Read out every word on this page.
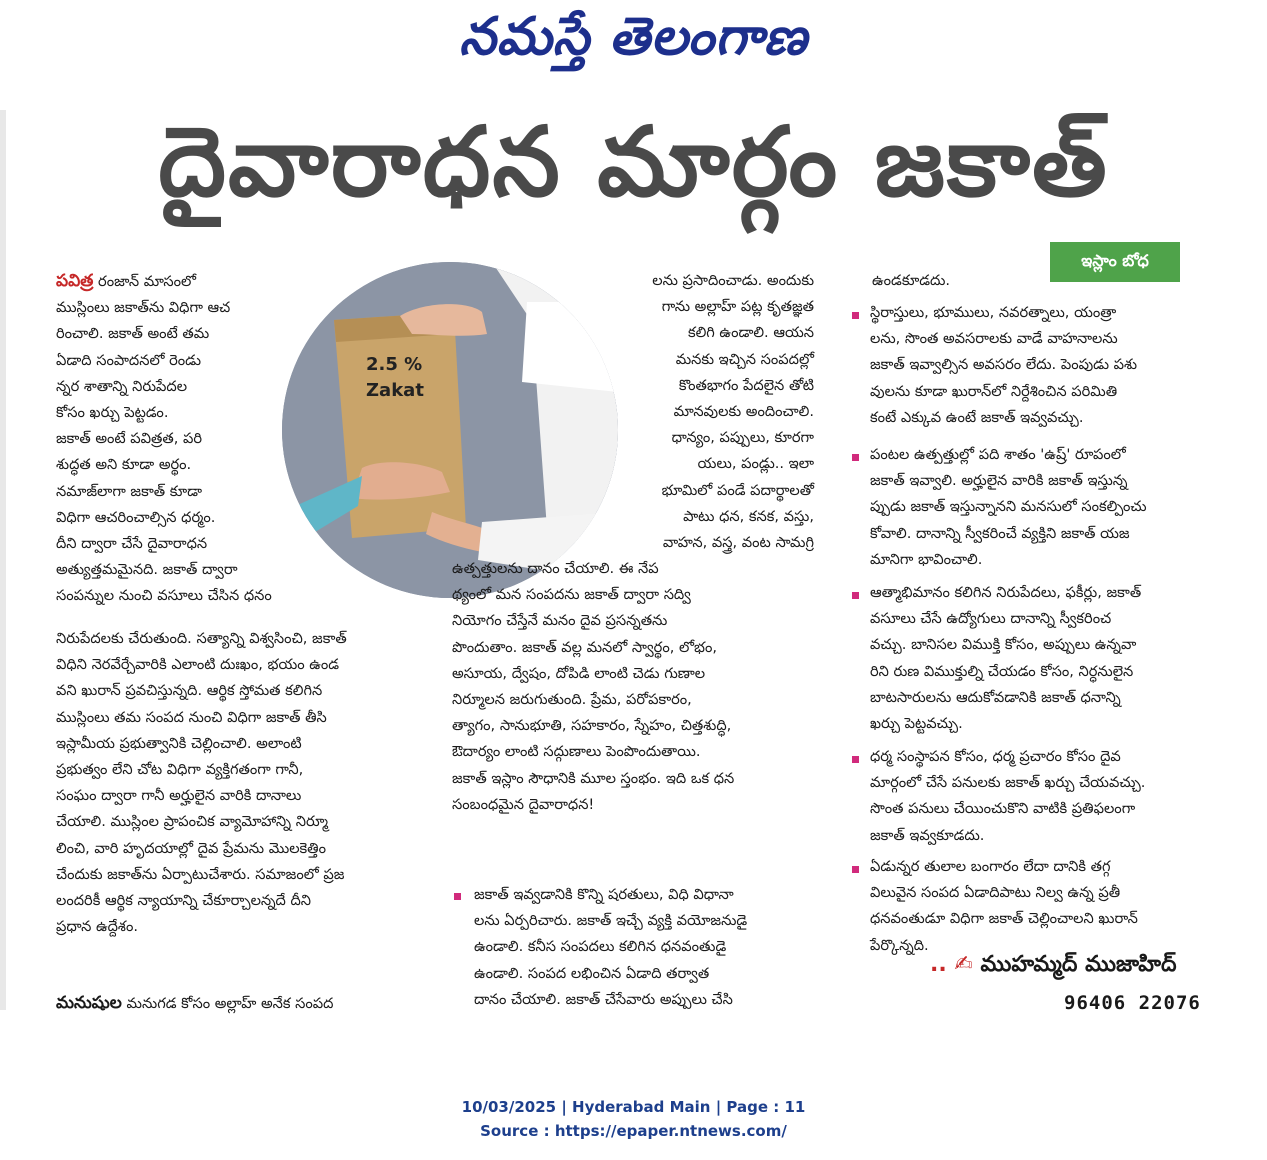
నమస్తే తెలంగాణ
దైవారాధన మార్గం జకాత్
ఇస్లాం బోధ
2.5 %
Zakat

పవిత్ర రంజాన్ మాసంలో
ముస్లింలు జకాత్‌ను విధిగా ఆచ
రించాలి. జకాత్ అంటే తమ
ఏడాది సంపాదనలో రెండు
న్నర శాతాన్ని నిరుపేదల
కోసం ఖర్చు పెట్టడం.
జకాత్ అంటే పవిత్రత, పరి
శుద్ధత అని కూడా అర్థం.
నమాజ్‌లాగా జకాత్ కూడా
విధిగా ఆచరించాల్సిన ధర్మం.
దీని ద్వారా చేసే దైవారాధన
అత్యుత్తమమైనది. జకాత్ ద్వారా
సంపన్నుల నుంచి వసూలు చేసిన ధనం

నిరుపేదలకు చేరుతుంది. సత్యాన్ని విశ్వసించి, జకాత్
విధిని నెరవేర్చేవారికి ఎలాంటి దుఃఖం, భయం ఉండ
వని ఖురాన్ ప్రవచిస్తున్నది. ఆర్థిక స్తోమత కలిగిన
ముస్లింలు తమ సంపద నుంచి విధిగా జకాత్ తీసి
ఇస్లామీయ ప్రభుత్వానికి చెల్లించాలి. అలాంటి
ప్రభుత్వం లేని చోట విధిగా వ్యక్తిగతంగా గానీ,
సంఘం ద్వారా గానీ అర్హులైన వారికి దానాలు
చేయాలి. ముస్లింల ప్రాపంచిక వ్యామోహాన్ని నిర్మూ
లించి, వారి హృదయాల్లో దైవ ప్రేమను మొలకెత్తిం
చేందుకు జకాత్‌ను ఏర్పాటుచేశారు. సమాజంలో ప్రజ
లందరికీ ఆర్థిక న్యాయాన్ని చేకూర్చాలన్నదే దీని
ప్రధాన ఉద్దేశం.

మనుషుల మనుగడ కోసం అల్లాహ్ అనేక సంపద

లను ప్రసాదించాడు. అందుకు
గాను అల్లాహ్ పట్ల కృతజ్ఞత
కలిగి ఉండాలి. ఆయన
మనకు ఇచ్చిన సంపదల్లో
కొంతభాగం పేదలైన తోటి
మానవులకు అందించాలి.
ధాన్యం, పప్పులు, కూరగా
యలు, పండ్లు.. ఇలా
భూమిలో పండే పదార్థాలతో
పాటు ధన, కనక, వస్తు,
వాహన, వస్త్ర, వంట సామగ్రి

ఉత్పత్తులను దానం చేయాలి. ఈ నేప
థ్యంలో మన సంపదను జకాత్ ద్వారా సద్వి
నియోగం చేస్తేనే మనం దైవ ప్రసన్నతను
పొందుతాం. జకాత్ వల్ల మనలో స్వార్థం, లోభం,
అసూయ, ద్వేషం, దోపిడి లాంటి చెడు గుణాల
నిర్మూలన జరుగుతుంది. ప్రేమ, పరోపకారం,
త్యాగం, సానుభూతి, సహకారం, స్నేహం, చిత్తశుద్ధి,
ఔదార్యం లాంటి సద్గుణాలు పెంపొందుతాయి.
జకాత్ ఇస్లాం సౌధానికి మూల స్తంభం. ఇది ఒక ధన
సంబంధమైన దైవారాధన!

జకాత్ ఇవ్వడానికి కొన్ని షరతులు, విధి విధానా
లను ఏర్పరిచారు. జకాత్ ఇచ్చే వ్యక్తి వయోజనుడై
ఉండాలి. కనీస సంపదలు కలిగిన ధనవంతుడై
ఉండాలి. సంపద లభించిన ఏడాది తర్వాత
దానం చేయాలి. జకాత్ చేసేవారు అప్పులు చేసి

ఉండకూడదు.

స్థిరాస్తులు, భూములు, నవరత్నాలు, యంత్రా
లను, సొంత అవసరాలకు వాడే వాహనాలను
జకాత్ ఇవ్వాల్సిన అవసరం లేదు. పెంపుడు పశు
వులను కూడా ఖురాన్‌లో నిర్దేశించిన పరిమితి
కంటే ఎక్కువ ఉంటే జకాత్ ఇవ్వవచ్చు.

పంటల ఉత్పత్తుల్లో పది శాతం 'ఉష్ర్' రూపంలో
జకాత్ ఇవ్వాలి. అర్హులైన వారికి జకాత్ ఇస్తున్న
ప్పుడు జకాత్ ఇస్తున్నానని మనసులో సంకల్పించు
కోవాలి. దానాన్ని స్వీకరించే వ్యక్తిని జకాత్ యజ
మానిగా భావించాలి.

ఆత్మాభిమానం కలిగిన నిరుపేదలు, ఫకీర్లు, జకాత్
వసూలు చేసే ఉద్యోగులు దానాన్ని స్వీకరించ
వచ్చు. బానిసల విముక్తి కోసం, అప్పులు ఉన్నవా
రిని రుణ విముక్తుల్ని చేయడం కోసం, నిర్ధనులైన
బాటసారులను ఆదుకోవడానికి జకాత్ ధనాన్ని
ఖర్చు పెట్టవచ్చు.

ధర్మ సంస్థాపన కోసం, ధర్మ ప్రచారం కోసం దైవ
మార్గంలో చేసే పనులకు జకాత్ ఖర్చు చేయవచ్చు.
సొంత పనులు చేయించుకొని వాటికి ప్రతిఫలంగా
జకాత్ ఇవ్వకూడదు.

ఏడున్నర తులాల బంగారం లేదా దానికి తగ్గ
విలువైన సంపద ఏడాదిపాటు నిల్వ ఉన్న ప్రతీ
ధనవంతుడూ విధిగా జకాత్ చెల్లించాలని ఖురాన్
పేర్కొన్నది.

.. ✍ ముహమ్మద్ ముజాహిద్
96406 22076
10/03/2025 | Hyderabad Main | Page : 11
Source : https://epaper.ntnews.com/
